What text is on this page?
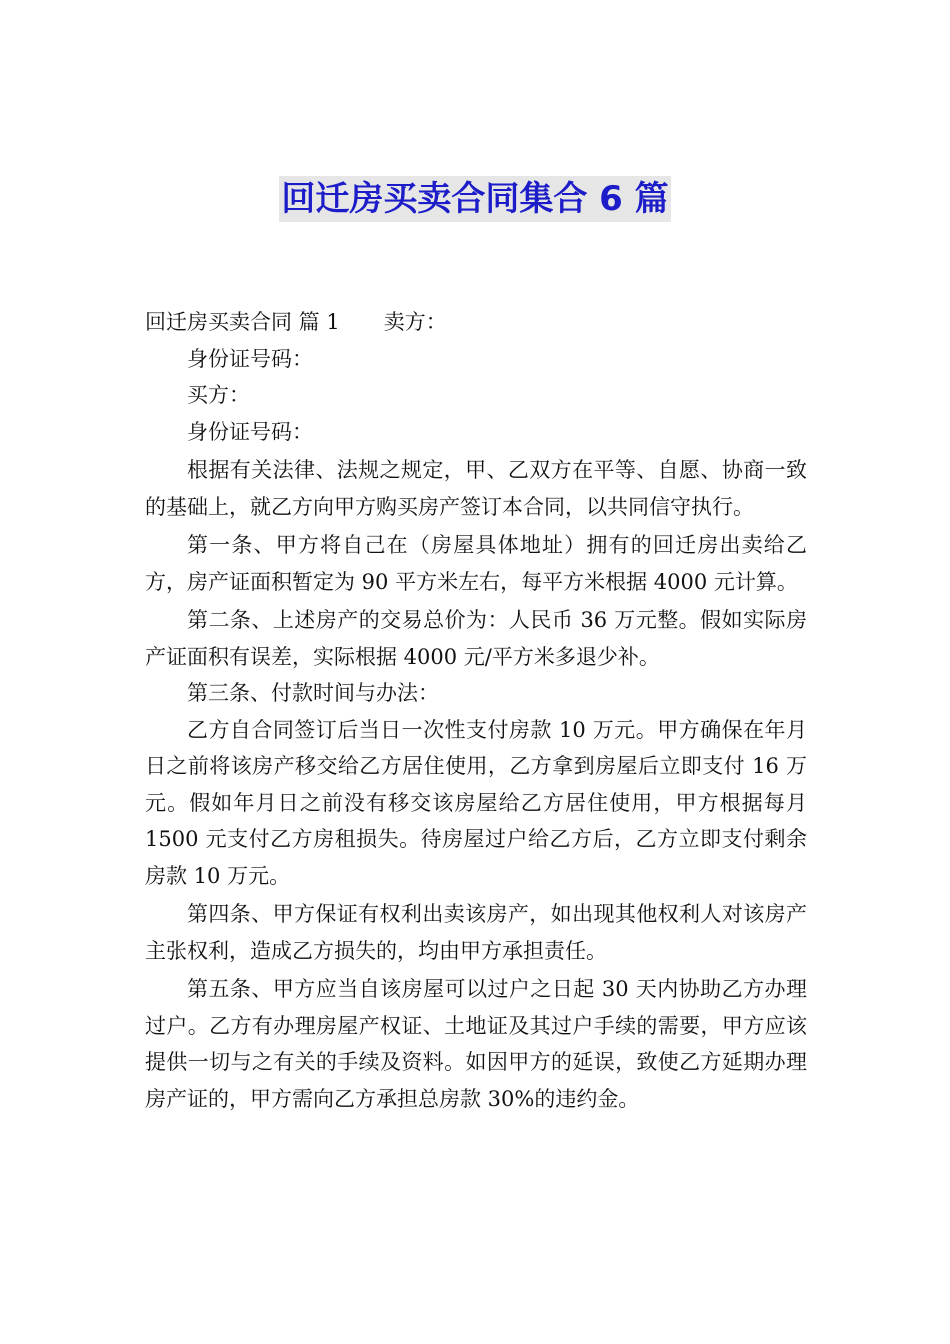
回迁房买卖合同集合 6 篇

回迁房买卖合同 篇 1 卖方：

身份证号码：

买方：

身份证号码：

根据有关法律、法规之规定，甲、乙双方在平等、自愿、协商一致的基础上，就乙方向甲方购买房产签订本合同，以共同信守执行。

第一条、甲方将自己在（房屋具体地址）拥有的回迁房出卖给乙方，房产证面积暂定为 90 平方米左右，每平方米根据 4000 元计算。

第二条、上述房产的交易总价为：人民币 36 万元整。假如实际房产证面积有误差，实际根据 4000 元/平方米多退少补。

第三条、付款时间与办法：

乙方自合同签订后当日一次性支付房款 10 万元。甲方确保在年月日之前将该房产移交给乙方居住使用，乙方拿到房屋后立即支付 16 万元。假如年月日之前没有移交该房屋给乙方居住使用，甲方根据每月 1500 元支付乙方房租损失。待房屋过户给乙方后，乙方立即支付剩余房款 10 万元。

第四条、甲方保证有权利出卖该房产，如出现其他权利人对该房产主张权利，造成乙方损失的，均由甲方承担责任。

第五条、甲方应当自该房屋可以过户之日起 30 天内协助乙方办理过户。乙方有办理房屋产权证、土地证及其过户手续的需要，甲方应该提供一切与之有关的手续及资料。如因甲方的延误，致使乙方延期办理房产证的，甲方需向乙方承担总房款 30%的违约金。
